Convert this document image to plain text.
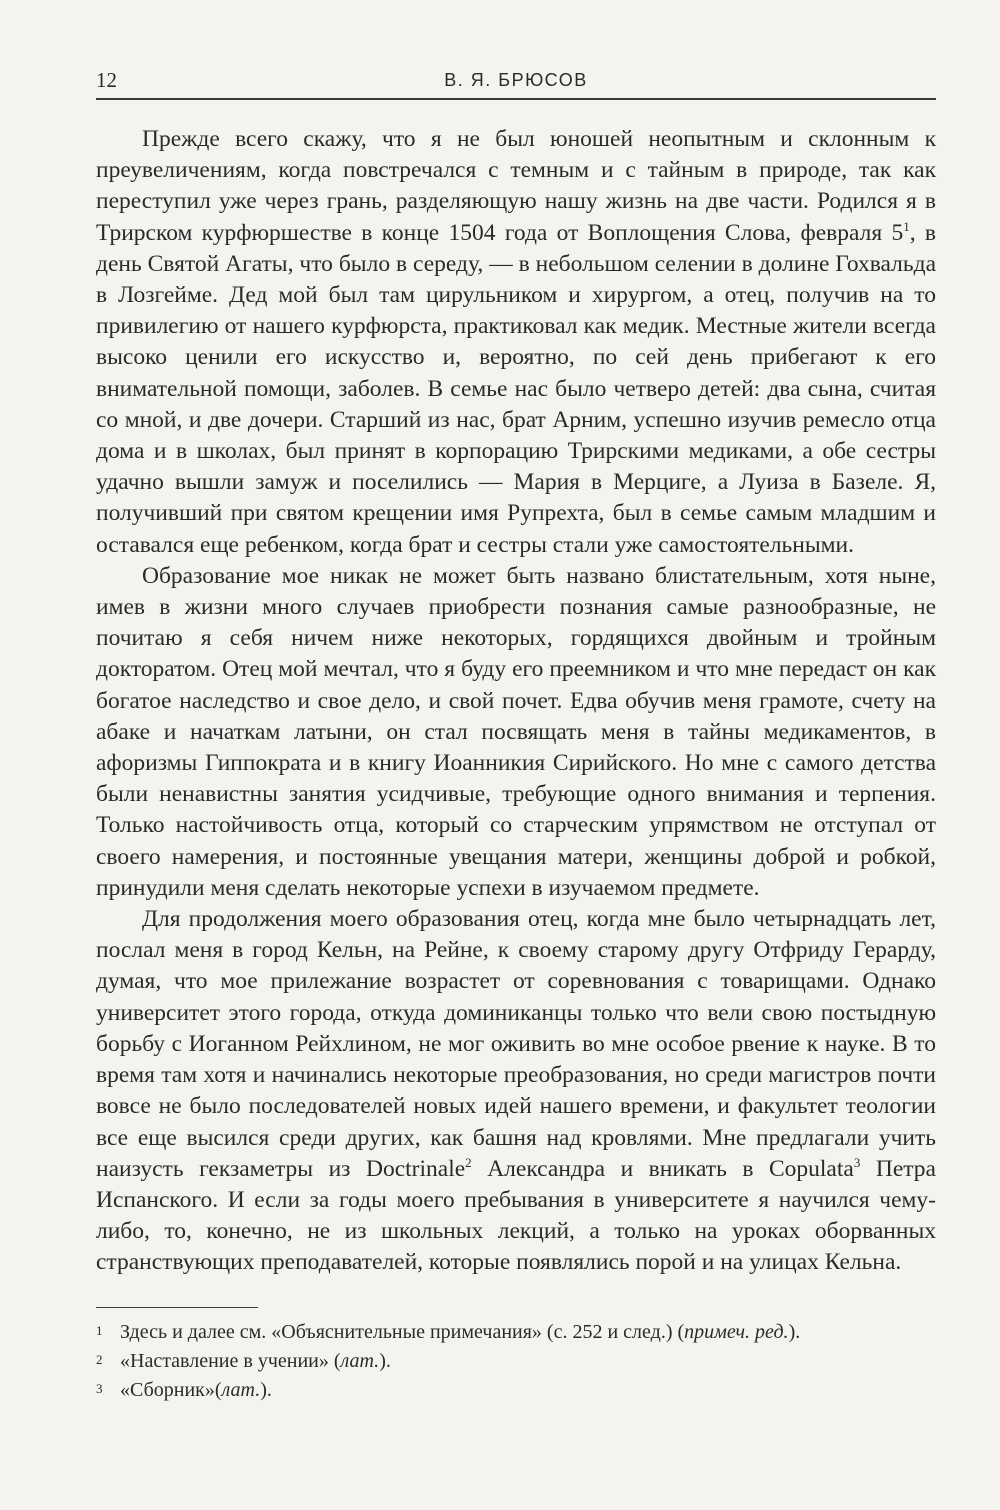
12	В. Я. БРЮСОВ

Прежде всего скажу, что я не был юношей неопытным и склонным к преувеличениям, когда повстречался с темным и с тайным в природе, так как переступил уже через грань, разделяющую нашу жизнь на две части. Родился я в Трирском курфюршестве в конце 1504 года от Воплощения Слова, февраля $5^1$, в день Святой Агаты, что было в середу, — в небольшом селении в долине Гохвальда в Лозгейме. Дед мой был там цирульником и хирургом, а отец, получив на то привилегию от нашего курфюрста, практиковал как медик. Местные жители всегда высоко ценили его искусство и, вероятно, по сей день прибегают к его внимательной помощи, заболев. В семье нас было четверо детей: два сына, считая со мной, и две дочери. Старший из нас, брат Арним, успешно изучив ремесло отца дома и в школах, был принят в корпорацию Трирскими медиками, а обе сестры удачно вышли замуж и поселились — Мария в Мерциге, а Луиза в Базеле. Я, получивший при святом крещении имя Рупрехта, был в семье самым младшим и оставался еще ребенком, когда брат и сестры стали уже самостоятельными.

Образование мое никак не может быть названо блистательным, хотя ныне, имев в жизни много случаев приобрести познания самые разнообразные, не почитаю я себя ничем ниже некоторых, гордящихся двойным и тройным докторатом. Отец мой мечтал, что я буду его преемником и что мне передаст он как богатое наследство и свое дело, и свой почет. Едва обучив меня грамоте, счету на абаке и начаткам латыни, он стал посвящать меня в тайны медикаментов, в афоризмы Гиппократа и в книгу Иоанникия Сирийского. Но мне с самого детства были ненавистны занятия усидчивые, требующие одного внимания и терпения. Только настойчивость отца, который со старческим упрямством не отступал от своего намерения, и постоянные увещания матери, женщины доброй и робкой, принудили меня сделать некоторые успехи в изучаемом предмете.

Для продолжения моего образования отец, когда мне было четырнадцать лет, послал меня в город Кельн, на Рейне, к своему старому другу Отфриду Герарду, думая, что мое прилежание возрастет от соревнования с товарищами. Однако университет этого города, откуда доминиканцы только что вели свою постыдную борьбу с Иоганном Рейхлином, не мог оживить во мне особое рвение к науке. В то время там хотя и начинались некоторые преобразования, но среди магистров почти вовсе не было последователей новых идей нашего времени, и факультет теологии все еще высился среди других, как башня над кровлями. Мне предлагали учить наизусть гекзаметры из Doctrinale$^2$ Александра и вникать в Copulata$^3$ Петра Испанского. И если за годы моего пребывания в университете я научился чему-либо, то, конечно, не из школьных лекций, а только на уроках оборванных странствующих преподавателей, которые появлялись порой и на улицах Кельна.

1 Здесь и далее см. «Объяснительные примечания» (с. 252 и след.) (примеч. ред.).
2 «Наставление в учении» (лат.).
3 «Сборник»(лат.).
